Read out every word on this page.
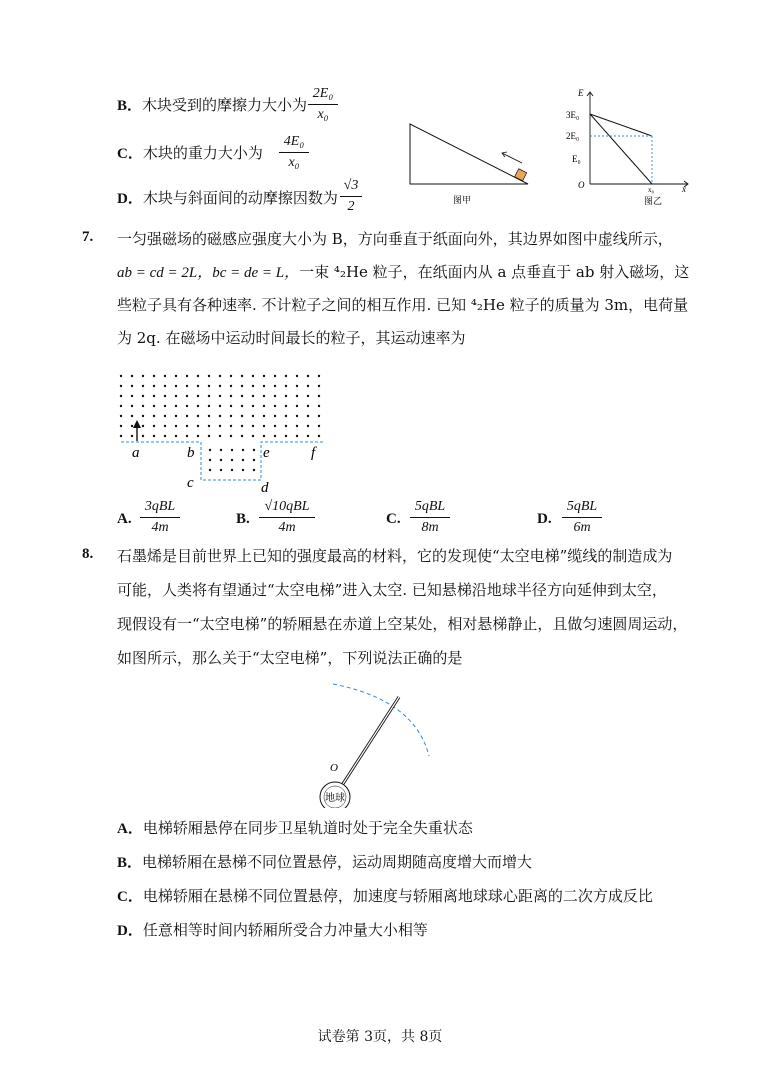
B．木块受到的摩擦力大小为
2E₀
x₀
C．木块的重力大小为
4E₀
x₀
D．木块与斜面间的动摩擦因数为
√3
2	图甲
E
3E₀
2E₀
E₀
O	x₀	x
图乙
7. 一匀强磁场的磁感应强度大小为 B，方向垂直于纸面向外，其边界如图中虚线所示，
ab = cd = 2L，bc = de = L，一束 ⁴₂He 粒子，在纸面内从 a 点垂直于 ab 射入磁场，这
些粒子具有各种速率. 不计粒子之间的相互作用. 已知 ⁴₂He 粒子的质量为 3m，电荷量
为 2q. 在磁场中运动时间最长的粒子，其运动速率为
a	b
c	d
e	f
A.
3qBL
4m
B.
√10qBL
4m
C.
5qBL
8m
D.
5qBL
6m
8. 石墨烯是目前世界上已知的强度最高的材料，它的发现使“太空电梯”缆线的制造成为
可能，人类将有望通过“太空电梯”进入太空. 已知悬梯沿地球半径方向延伸到太空，
现假设有一“太空电梯”的轿厢悬在赤道上空某处，相对悬梯静止，且做匀速圆周运动，
如图所示，那么关于“太空电梯”，下列说法正确的是
地球
O
A．电梯轿厢悬停在同步卫星轨道时处于完全失重状态
B．电梯轿厢在悬梯不同位置悬停，运动周期随高度增大而增大
C．电梯轿厢在悬梯不同位置悬停，加速度与轿厢离地球球心距离的二次方成反比
D．任意相等时间内轿厢所受合力冲量大小相等
试卷第 3页，共 8页
